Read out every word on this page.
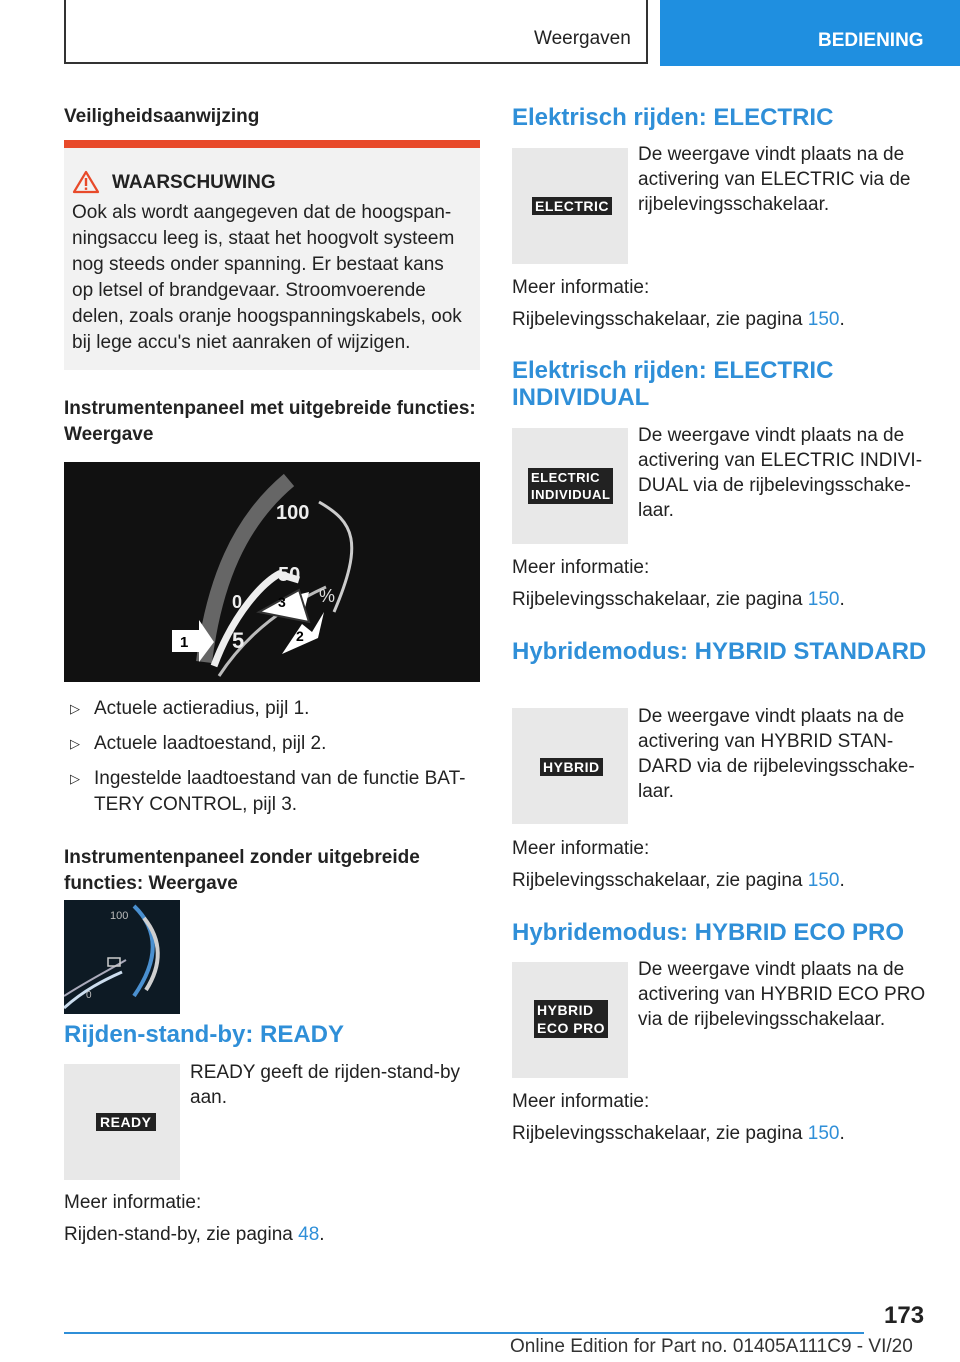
Weergaven	BEDIENING
Veiligheidsaanwijzing
WAARSCHUWING
Ook als wordt aangegeven dat de hoogspan-ningsaccu leeg is, staat het hoogvolt systeem nog steeds onder spanning. Er bestaat kans op letsel of brandgevaar. Stroomvoerende delen, zoals oranje hoogspanningskabels, ook bij lege accu's niet aanraken of wijzigen.
Instrumentenpaneel met uitgebreide functies: Weergave
100
50
0
5
%
1	2
3
▷ Actuele actieradius, pijl 1.
▷ Actuele laadtoestand, pijl 2.
▷ Ingestelde laadtoestand van de functie BAT-TERY CONTROL, pijl 3.
Instrumentenpaneel zonder uitgebreide functies: Weergave
100
0
Rijden-stand-by: READY
READY
READY geeft de rijden-stand-by aan.
Meer informatie:
Rijden-stand-by, zie pagina 48.
Elektrisch rijden: ELECTRIC
ELECTRIC
De weergave vindt plaats na de activering van ELECTRIC via de rijbelevingsschakelaar.
Meer informatie:
Rijbelevingsschakelaar, zie pagina 150.
Elektrisch rijden: ELECTRIC INDIVIDUAL
ELECTRIC
INDIVIDUAL
De weergave vindt plaats na de activering van ELECTRIC INDIVI-DUAL via de rijbelevingsschake-laar.
Meer informatie:
Rijbelevingsschakelaar, zie pagina 150.
Hybridemodus: HYBRID STANDARD
HYBRID
De weergave vindt plaats na de activering van HYBRID STAN-DARD via de rijbelevingsschake-laar.
Meer informatie:
Rijbelevingsschakelaar, zie pagina 150.
Hybridemodus: HYBRID ECO PRO
HYBRID
ECO PRO
De weergave vindt plaats na de activering van HYBRID ECO PRO via de rijbelevingsschakelaar.
Meer informatie:
Rijbelevingsschakelaar, zie pagina 150.
173
Online Edition for Part no. 01405A111C9 - VI/20
